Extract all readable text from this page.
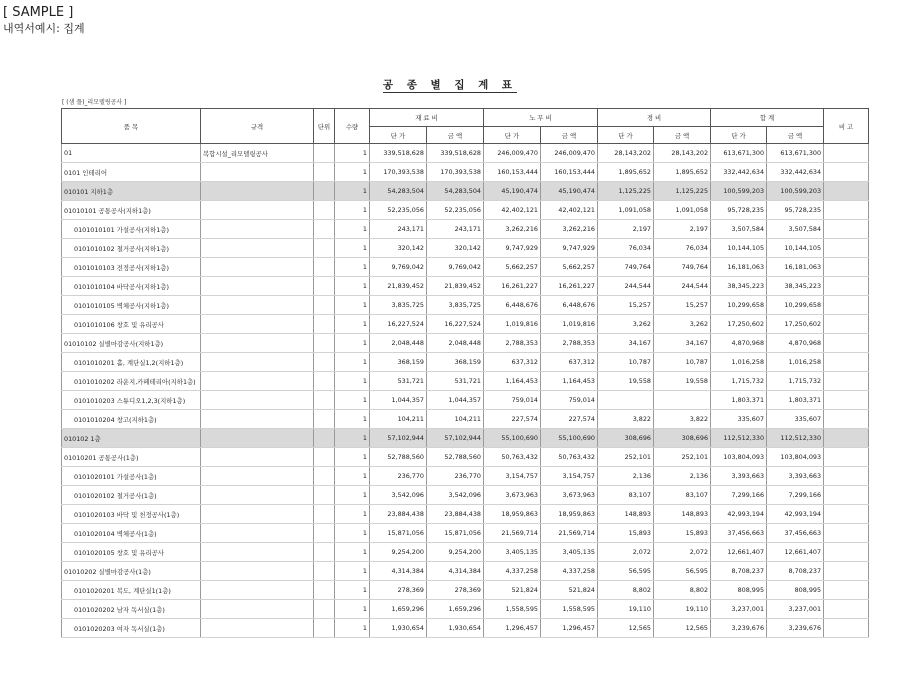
[ SAMPLE ]
내역서예시: 집계
공 종 별 집 계 표
[ (샘 플)_리모델링공사 ]
품 목	규격	단위	수량	재 료 비		노 무 비		경 비		합 계		비 고
				단 가	금 액	단 가	금 액	단 가	금 액	단 가	금 액	
01	복합시설_리모델링공사		1	339,518,628	339,518,628	246,009,470	246,009,470	28,143,202	28,143,202	613,671,300	613,671,300	
0101 인테리어			1	170,393,538	170,393,538	160,153,444	160,153,444	1,895,652	1,895,652	332,442,634	332,442,634	
010101 지하1층			1	54,283,504	54,283,504	45,190,474	45,190,474	1,125,225	1,125,225	100,599,203	100,599,203	
01010101 공통공사(지하1층)			1	52,235,056	52,235,056	42,402,121	42,402,121	1,091,058	1,091,058	95,728,235	95,728,235	
0101010101 가설공사(지하1층)			1	243,171	243,171	3,262,216	3,262,216	2,197	2,197	3,507,584	3,507,584	
0101010102 철거공사(지하1층)			1	320,142	320,142	9,747,929	9,747,929	76,034	76,034	10,144,105	10,144,105	
0101010103 전정공사(지하1층)			1	9,769,042	9,769,042	5,662,257	5,662,257	749,764	749,764	16,181,063	16,181,063	
0101010104 바닥공사(지하1층)			1	21,839,452	21,839,452	16,261,227	16,261,227	244,544	244,544	38,345,223	38,345,223	
0101010105 벽체공사(지하1층)			1	3,835,725	3,835,725	6,448,676	6,448,676	15,257	15,257	10,299,658	10,299,658	
0101010106 창호 및 유리공사			1	16,227,524	16,227,524	1,019,816	1,019,816	3,262	3,262	17,250,602	17,250,602	
01010102 실별마감공사(지하1층)			1	2,048,448	2,048,448	2,788,353	2,788,353	34,167	34,167	4,870,968	4,870,968	
0101010201 홀, 계단실1,2(지하1층)			1	368,159	368,159	637,312	637,312	10,787	10,787	1,016,258	1,016,258	
0101010202 라운지,카페테리아(지하1층)			1	531,721	531,721	1,164,453	1,164,453	19,558	19,558	1,715,732	1,715,732	
0101010203 스튜디오1,2,3(지하1층)			1	1,044,357	1,044,357	759,014	759,014			1,803,371	1,803,371	
0101010204 창고(지하1층)			1	104,211	104,211	227,574	227,574	3,822	3,822	335,607	335,607	
010102 1층			1	57,102,944	57,102,944	55,100,690	55,100,690	308,696	308,696	112,512,330	112,512,330	
01010201 공통공사(1층)			1	52,788,560	52,788,560	50,763,432	50,763,432	252,101	252,101	103,804,093	103,804,093	
0101020101 가설공사(1층)			1	236,770	236,770	3,154,757	3,154,757	2,136	2,136	3,393,663	3,393,663	
0101020102 철거공사(1층)			1	3,542,096	3,542,096	3,673,963	3,673,963	83,107	83,107	7,299,166	7,299,166	
0101020103 바닥 및 천정공사(1층)			1	23,884,438	23,884,438	18,959,863	18,959,863	148,893	148,893	42,993,194	42,993,194	
0101020104 벽체공사(1층)			1	15,871,056	15,871,056	21,569,714	21,569,714	15,893	15,893	37,456,663	37,456,663	
0101020105 창호 및 유리공사			1	9,254,200	9,254,200	3,405,135	3,405,135	2,072	2,072	12,661,407	12,661,407	
01010202 실별마감공사(1층)			1	4,314,384	4,314,384	4,337,258	4,337,258	56,595	56,595	8,708,237	8,708,237	
0101020201 복도, 계단실1(1층)			1	278,369	278,369	521,824	521,824	8,802	8,802	808,995	808,995	
0101020202 남자 독서실(1층)			1	1,659,296	1,659,296	1,558,595	1,558,595	19,110	19,110	3,237,001	3,237,001	
0101020203 여자 독서실(1층)			1	1,930,654	1,930,654	1,296,457	1,296,457	12,565	12,565	3,239,676	3,239,676	
